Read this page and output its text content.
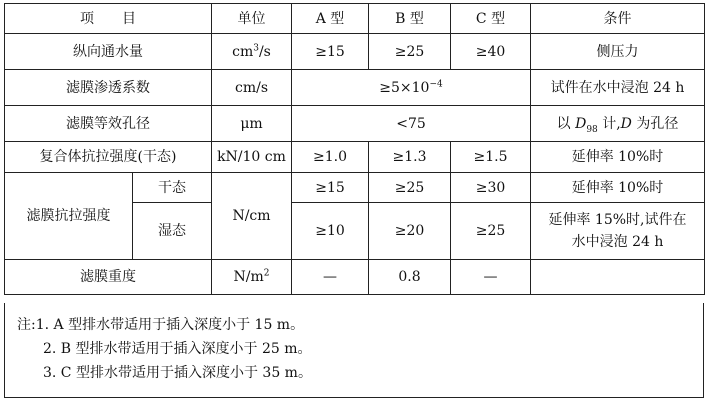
项　　目		单位	A 型	B 型	C 型	条件
纵向通水量		$cm^3/s$	≥15	≥25	≥40	侧压力
滤膜渗透系数		cm/s	$\ge 5\times 10^{-4}$			试件在水中浸泡 24 h
滤膜等效孔径		μm	<75			以 $D_{98}$ 计,D 为孔径
复合体抗拉强度(干态)		kN/10 cm	≥1.0	≥1.3	≥1.5	延伸率 10%时
滤膜抗拉强度	干态	N/cm	≥15	≥25	≥30	延伸率 10%时
	湿态		≥10	≥20	≥25	延伸率 15%时,试件在
水中浸泡 24 h

滤膜重度		$N/m^2$	—	0.8	—	
注:1. A 型排水带适用于插入深度小于 15 m。
2. B 型排水带适用于插入深度小于 25 m。
3. C 型排水带适用于插入深度小于 35 m。
